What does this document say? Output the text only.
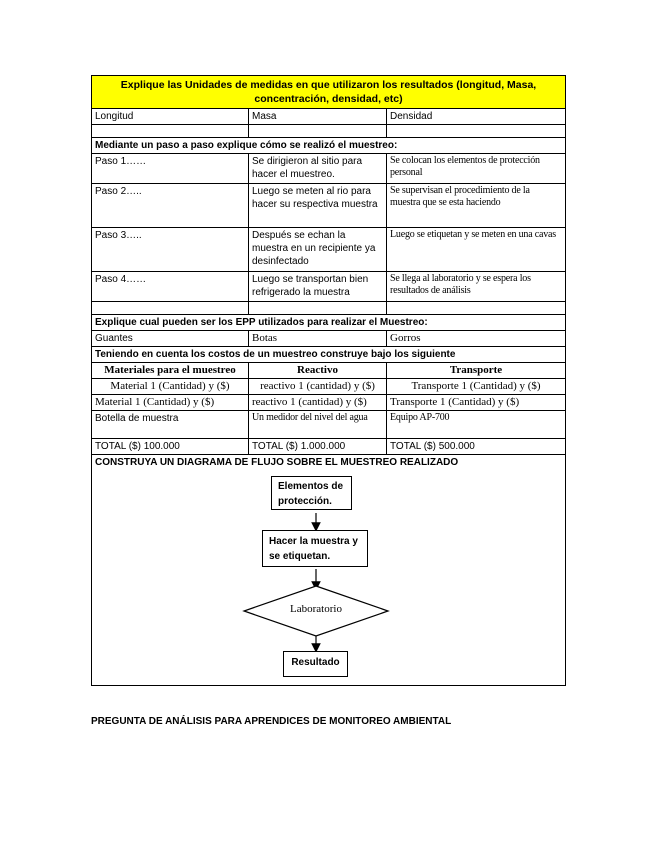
Explique las Unidades de medidas en que utilizaron los resultados (longitud, Masa, concentración, densidad, etc)		
Longitud	Masa	Densidad

Mediante un paso a paso explique cómo se realizó el muestreo:		
Paso 1……	Se dirigieron al sitio para hacer el muestreo.	Se colocan los elementos de protección personal
Paso 2…..	Luego se meten al rio para hacer su respectiva muestra	Se supervisan el procedimiento de la muestra que se esta haciendo
Paso 3…..	Después se echan la muestra en un recipiente ya desinfectado	Luego se etiquetan y se meten en una cavas
Paso 4……	Luego se transportan bien refrigerado la muestra	Se llega al laboratorio y se espera los resultados de análisis

Explique cual pueden ser los EPP utilizados para realizar el Muestreo:		
Guantes	Botas	Gorros
Teniendo en cuenta los costos de un muestreo construye bajo los siguiente		
Materiales para el muestreo	Reactivo	Transporte
Material 1 (Cantidad) y ($)	reactivo 1 (cantidad) y ($)	Transporte 1 (Cantidad) y ($)
Material 1 (Cantidad) y ($)	reactivo 1 (cantidad) y ($)	Transporte 1 (Cantidad) y ($)
Botella de muestra	Un medidor del nivel del agua	Equipo AP-700
TOTAL ($) 100.000	TOTAL ($) 1.000.000	TOTAL ($) 500.000

CONSTRUYA UN DIAGRAMA DE FLUJO SOBRE EL MUESTREO REALIZADO
Elementos de protección.
Hacer la muestra y se etiquetan.
Laboratorio
Resultado		
PREGUNTA DE ANÁLISIS PARA APRENDICES DE MONITOREO AMBIENTAL
